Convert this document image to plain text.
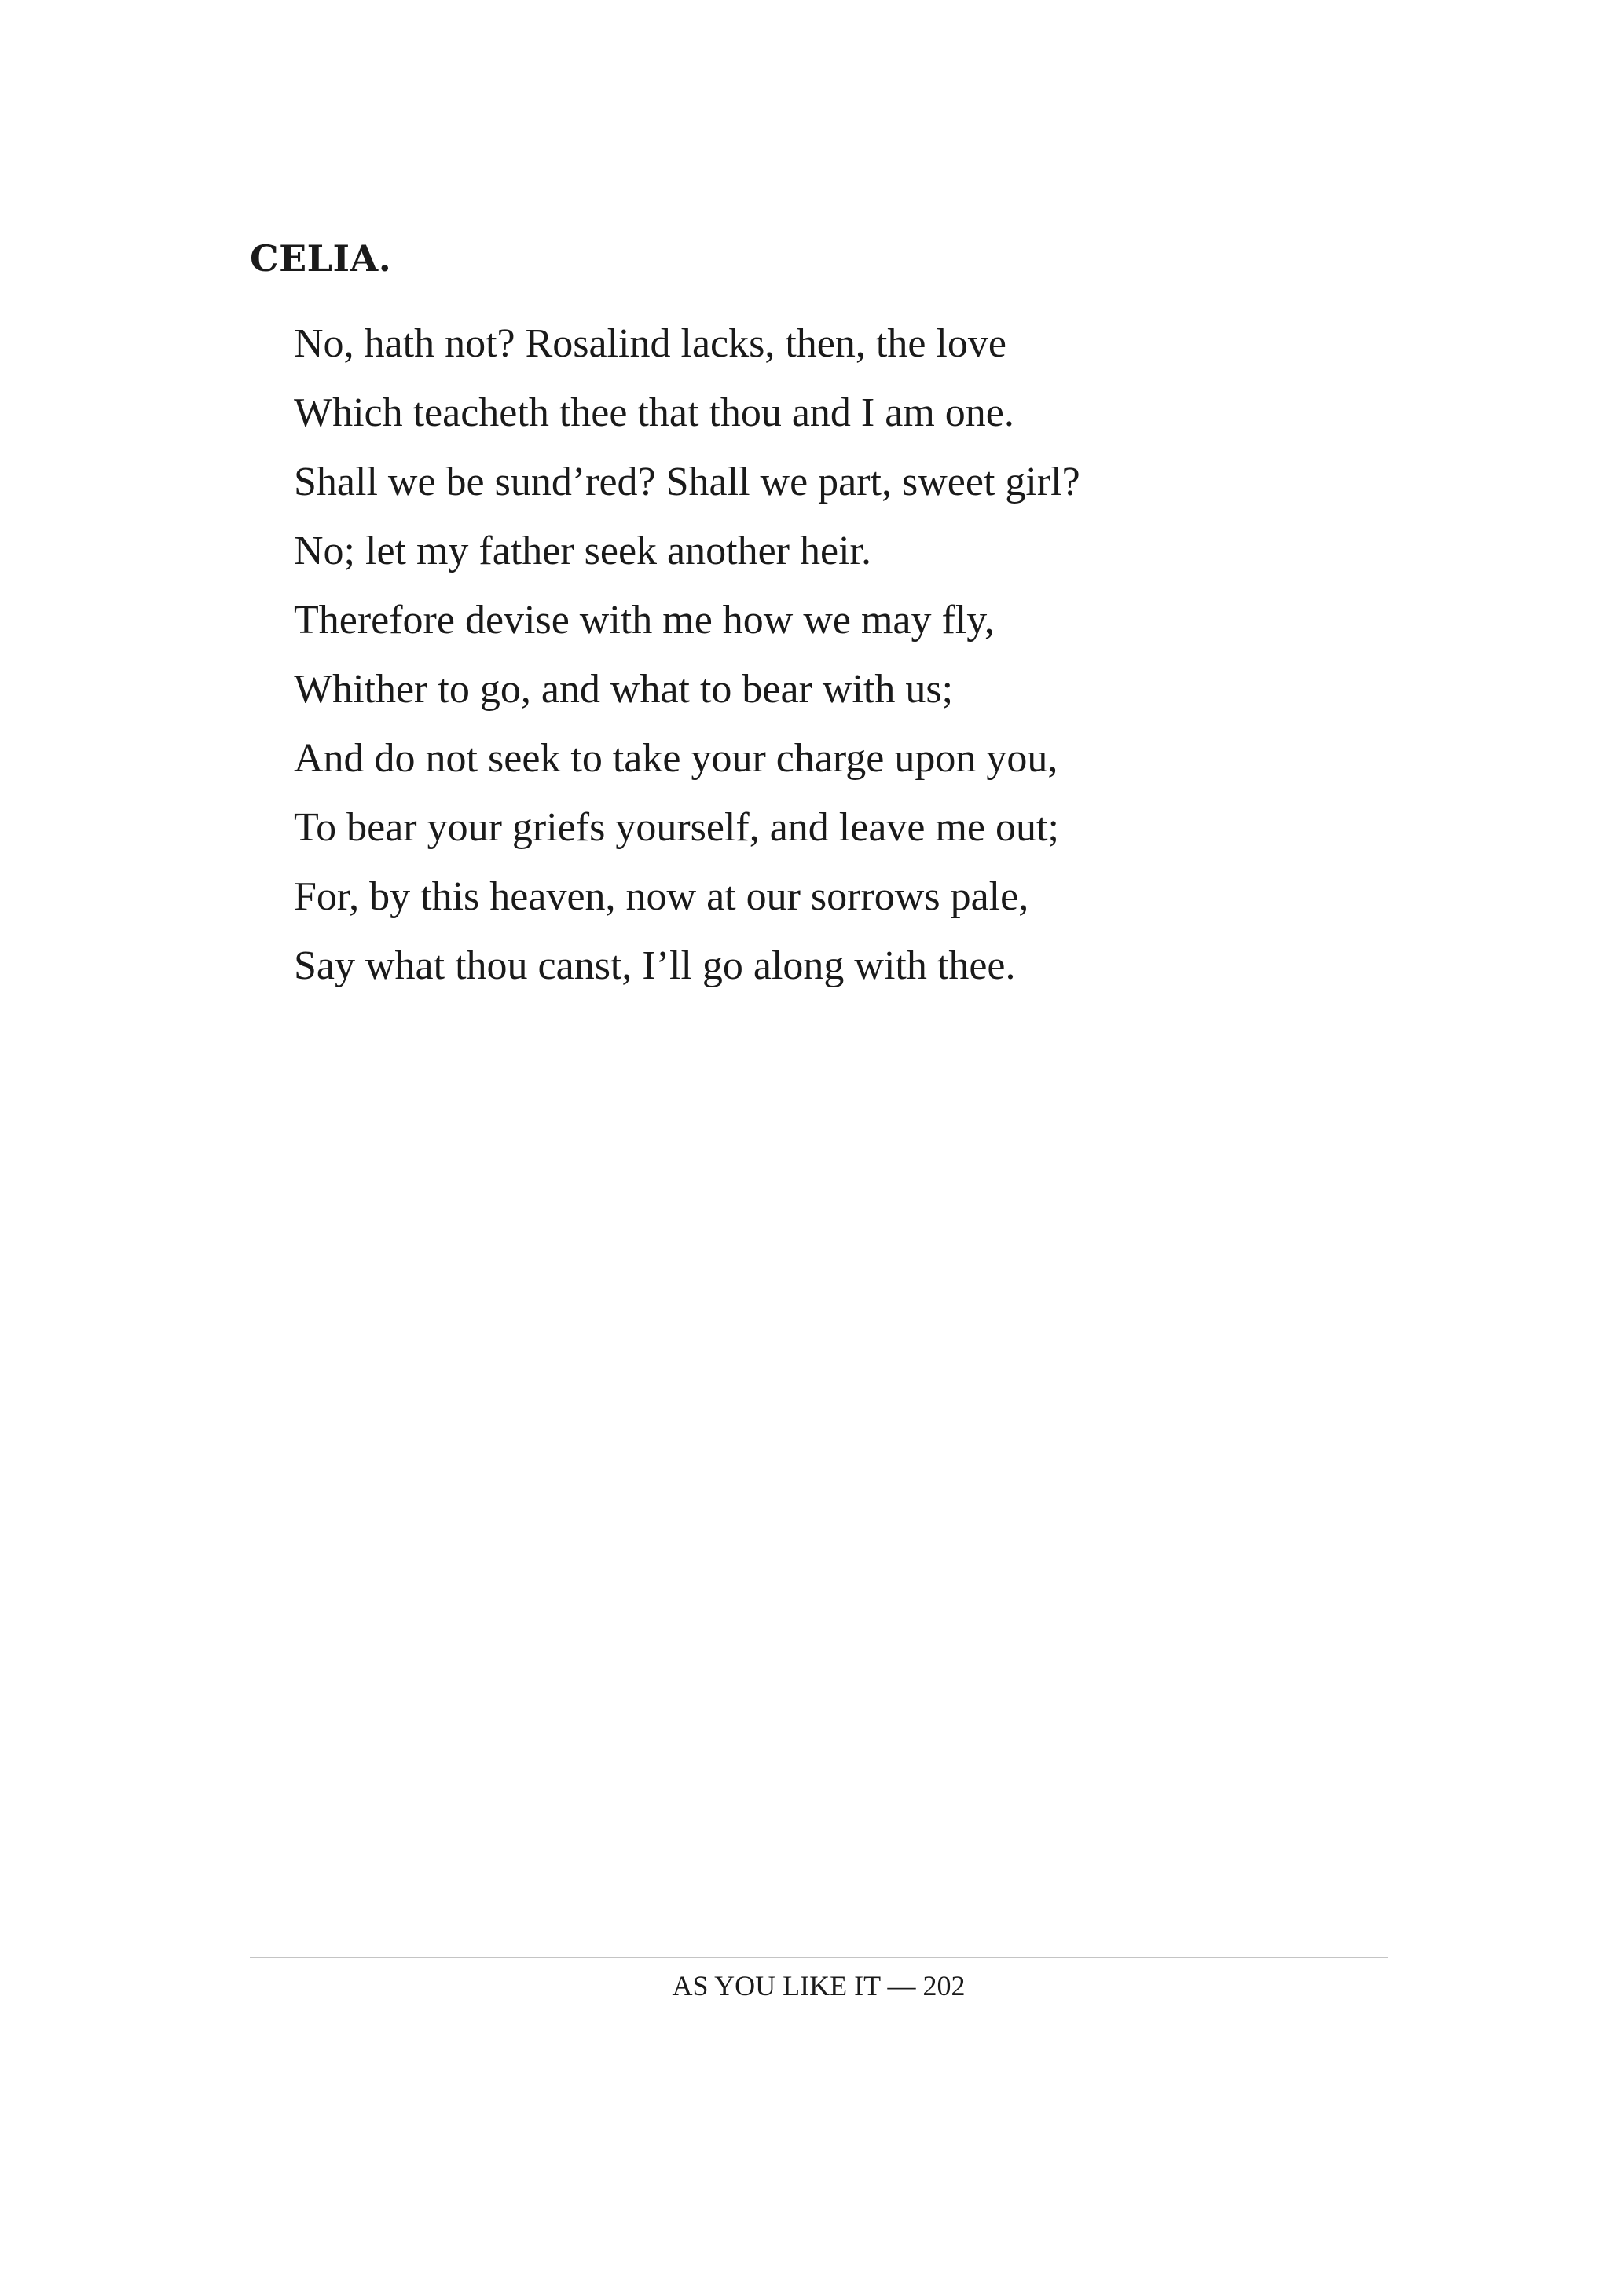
CELIA.
No, hath not? Rosalind lacks, then, the love
Which teacheth thee that thou and I am one.
Shall we be sund’red? Shall we part, sweet girl?
No; let my father seek another heir.
Therefore devise with me how we may fly,
Whither to go, and what to bear with us;
And do not seek to take your charge upon you,
To bear your griefs yourself, and leave me out;
For, by this heaven, now at our sorrows pale,
Say what thou canst, I’ll go along with thee.
AS YOU LIKE IT — 202
